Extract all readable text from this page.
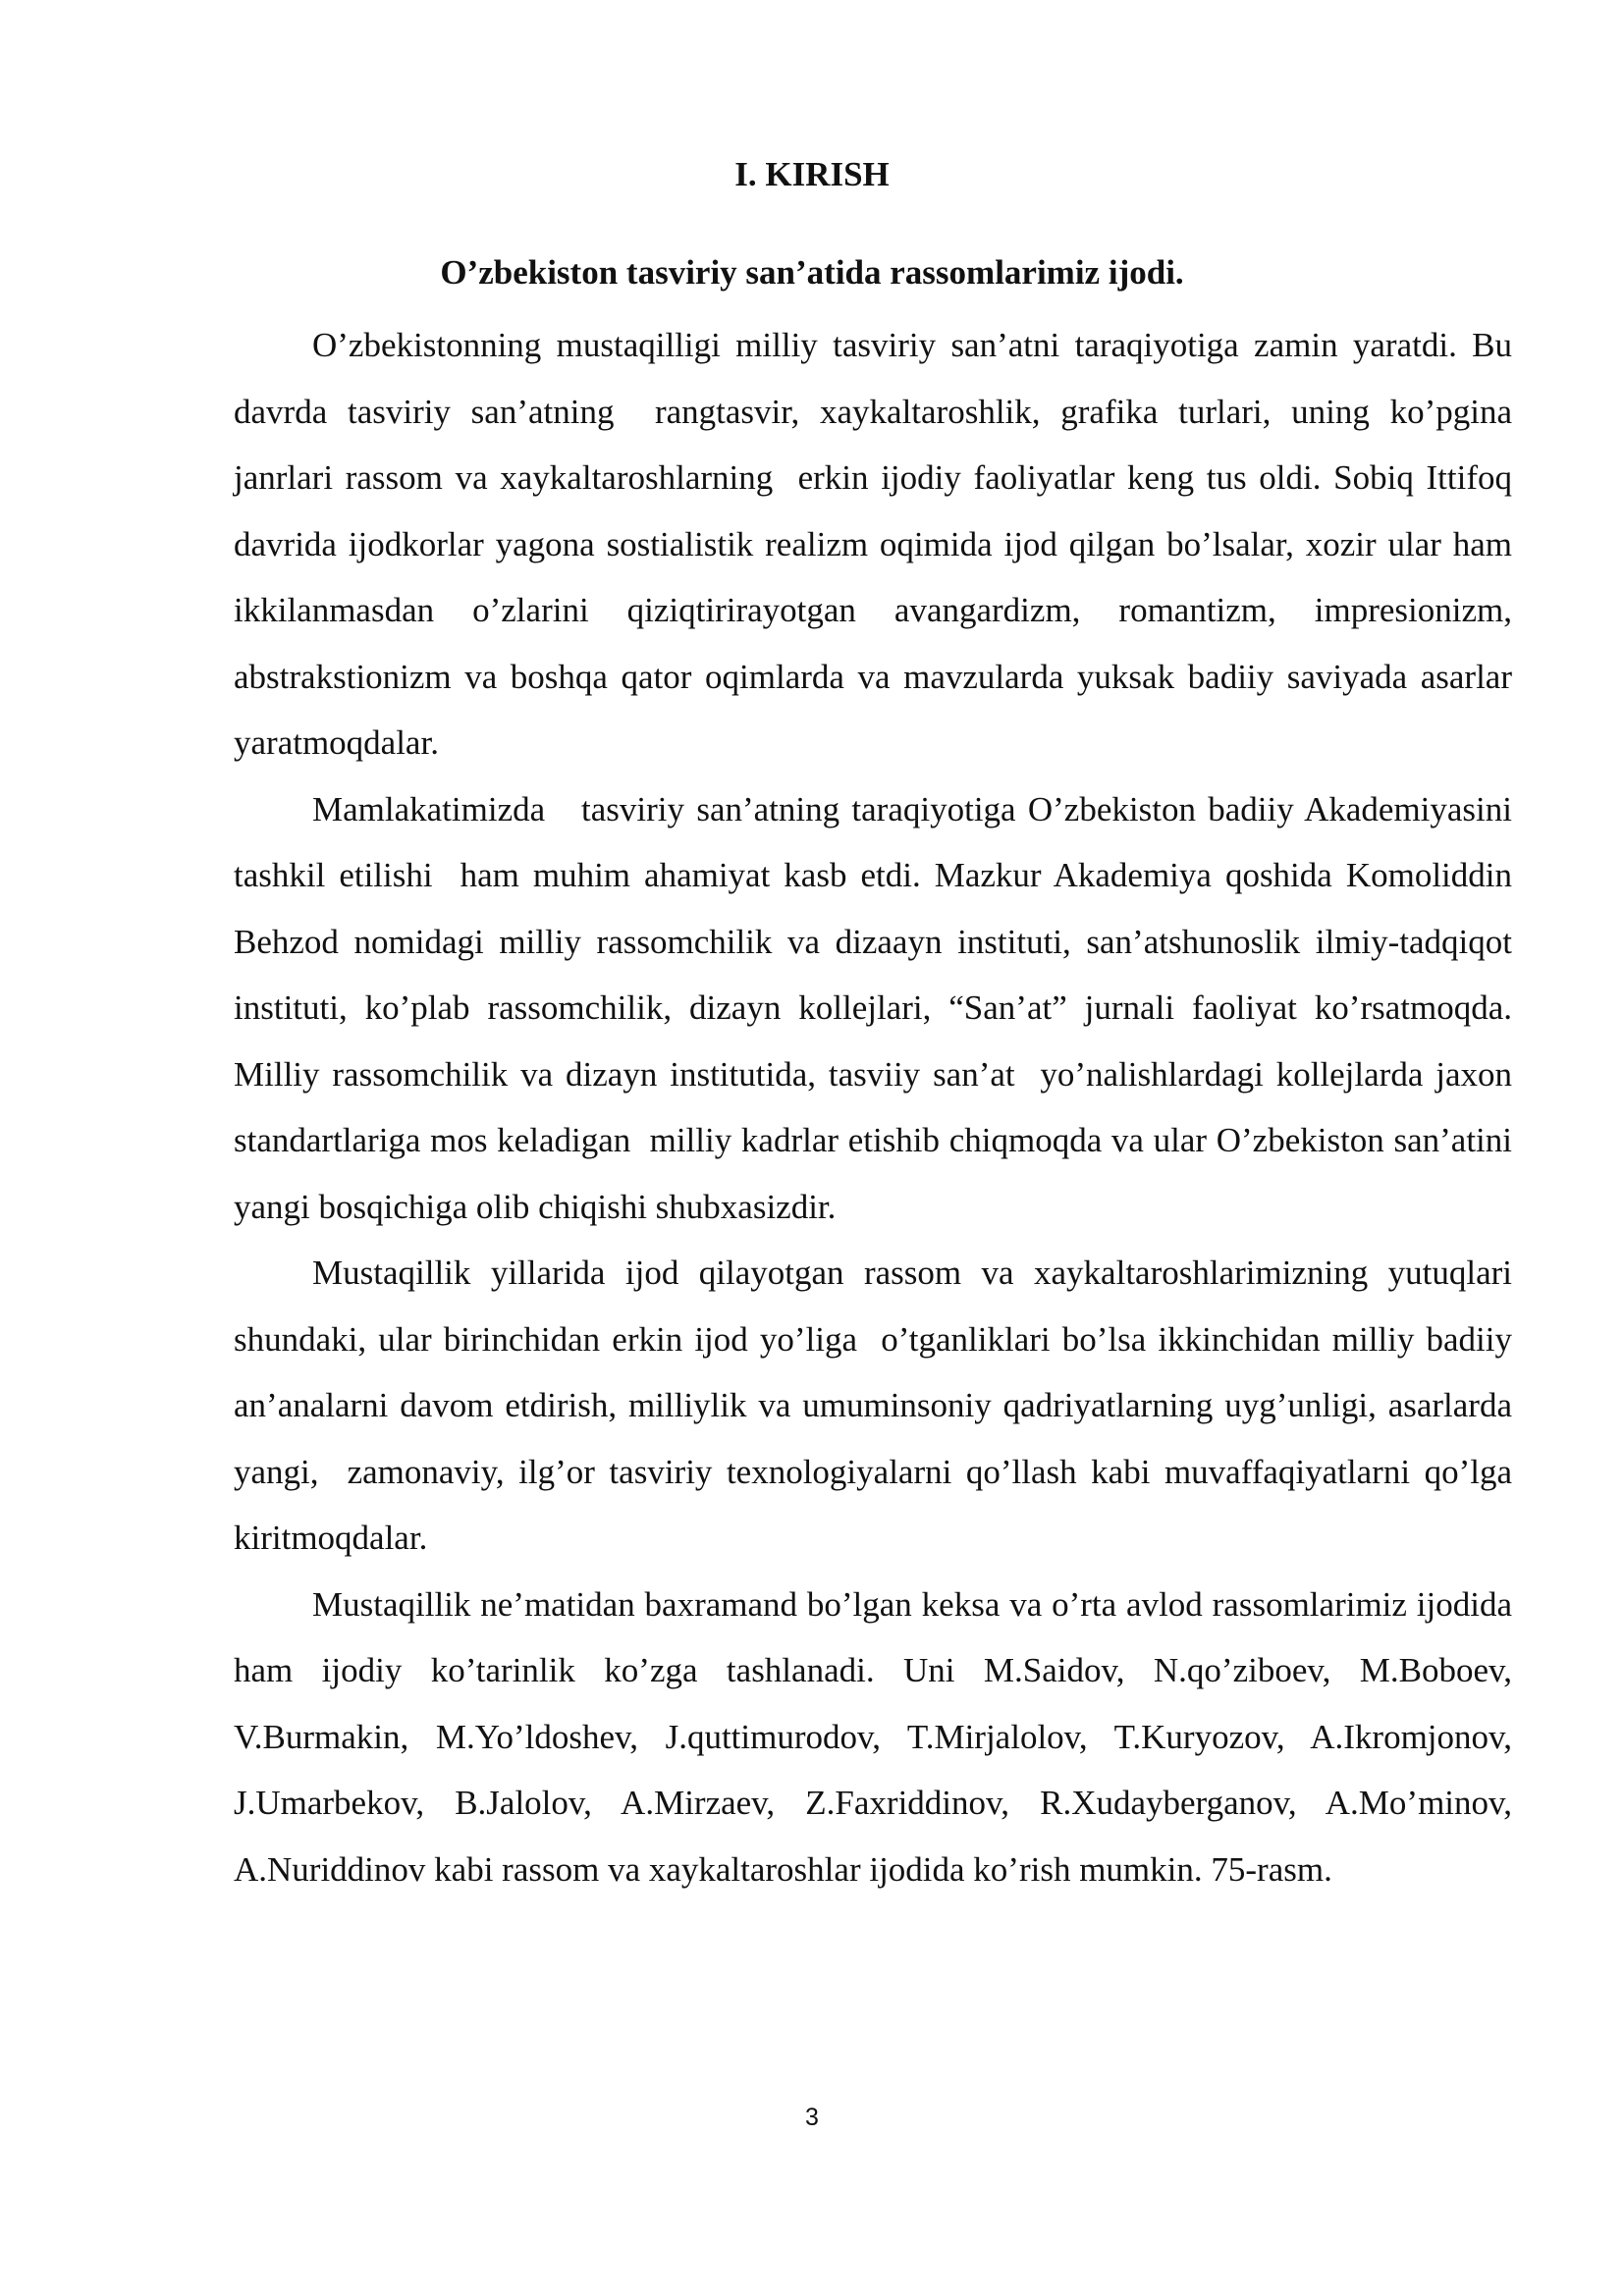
I. KIRISH
O’zbekiston tasviriy san’atida rassomlarimiz ijodi.

O’zbekistonning mustaqilligi milliy tasviriy san’atni taraqiyotiga zamin yaratdi. Bu davrda tasviriy san’atning  rangtasvir, xaykaltaroshlik, grafika turlari, uning ko’pgina janrlari rassom va xaykaltaroshlarning  erkin ijodiy faoliyatlar keng tus oldi. Sobiq Ittifoq davrida ijodkorlar yagona sostialistik realizm oqimida ijod qilgan bo’lsalar, xozir ular ham ikkilanmasdan o’zlarini qiziqtirirayotgan avangardizm, romantizm, impresionizm, abstrakstionizm va boshqa qator oqimlarda va mavzularda yuksak badiiy saviyada asarlar yaratmoqdalar.

Mamlakatimizda   tasviriy san’atning taraqiyotiga O’zbekiston badiiy Akademiyasini tashkil etilishi  ham muhim ahamiyat kasb etdi. Mazkur Akademiya qoshida Komoliddin Behzod nomidagi milliy rassomchilik va dizaayn instituti, san’atshunoslik ilmiy-tadqiqot instituti, ko’plab rassomchilik, dizayn kollejlari, “San’at” jurnali faoliyat ko’rsatmoqda. Milliy rassomchilik va dizayn institutida, tasviiy san’at  yo’nalishlardagi kollejlarda jaxon standartlariga mos keladigan  milliy kadrlar etishib chiqmoqda va ular O’zbekiston san’atini yangi bosqichiga olib chiqishi shubxasizdir.

Mustaqillik yillarida ijod qilayotgan rassom va xaykaltaroshlarimizning yutuqlari shundaki, ular birinchidan erkin ijod yo’liga  o’tganliklari bo’lsa ikkinchidan milliy badiiy an’analarni davom etdirish, milliylik va umuminsoniy qadriyatlarning uyg’unligi, asarlarda yangi,  zamonaviy, ilg’or tasviriy texnologiyalarni qo’llash kabi muvaffaqiyatlarni qo’lga kiritmoqdalar.

Mustaqillik ne’matidan baxramand bo’lgan keksa va o’rta avlod rassomlarimiz ijodida ham ijodiy ko’tarinlik ko’zga tashlanadi. Uni M.Saidov, N.qo’ziboev, M.Boboev, V.Burmakin, M.Yo’ldoshev, J.quttimurodov, T.Mirjalolov, T.Kuryozov, A.Ikromjonov, J.Umarbekov, B.Jalolov, A.Mirzaev, Z.Faxriddinov, R.Xudayberganov, A.Mo’minov, A.Nuriddinov kabi rassom va xaykaltaroshlar ijodida ko’rish mumkin. 75-rasm.

3
